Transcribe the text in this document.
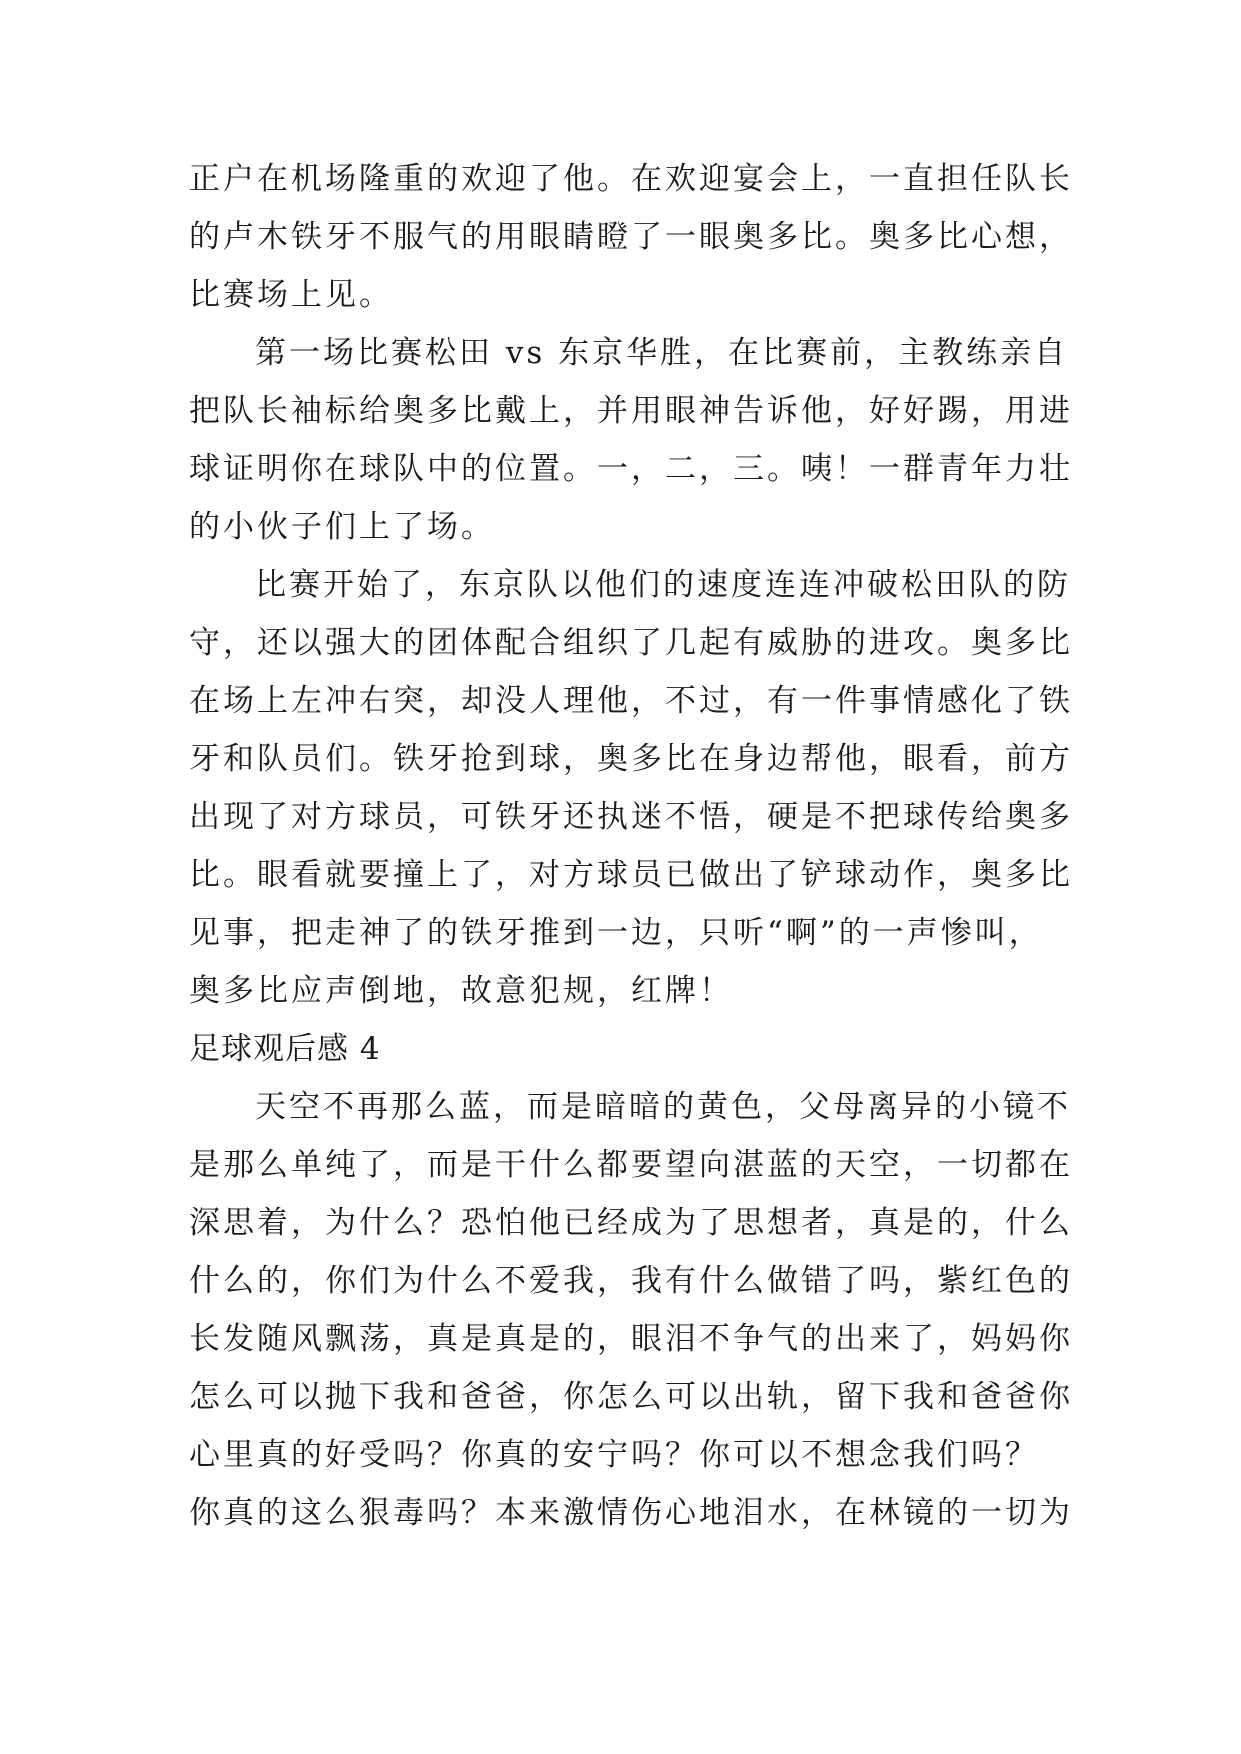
正户在机场隆重的欢迎了他。在欢迎宴会上，一直担任队长
的卢木铁牙不服气的用眼睛瞪了一眼奥多比。奥多比心想，
比赛场上见。
第一场比赛松田 vs 东京华胜，在比赛前，主教练亲自
把队长袖标给奥多比戴上，并用眼神告诉他，好好踢，用进
球证明你在球队中的位置。一，二，三。咦！一群青年力壮
的小伙子们上了场。
比赛开始了，东京队以他们的速度连连冲破松田队的防
守，还以强大的团体配合组织了几起有威胁的进攻。奥多比
在场上左冲右突，却没人理他，不过，有一件事情感化了铁
牙和队员们。铁牙抢到球，奥多比在身边帮他，眼看，前方
出现了对方球员，可铁牙还执迷不悟，硬是不把球传给奥多
比。眼看就要撞上了，对方球员已做出了铲球动作，奥多比
见事，把走神了的铁牙推到一边，只听“啊”的一声惨叫，
奥多比应声倒地，故意犯规，红牌！
足球观后感 4
天空不再那么蓝，而是暗暗的黄色，父母离异的小镜不
是那么单纯了，而是干什么都要望向湛蓝的天空，一切都在
深思着，为什么？恐怕他已经成为了思想者，真是的，什么
什么的，你们为什么不爱我，我有什么做错了吗，紫红色的
长发随风飘荡，真是真是的，眼泪不争气的出来了，妈妈你
怎么可以抛下我和爸爸，你怎么可以出轨，留下我和爸爸你
心里真的好受吗？你真的安宁吗？你可以不想念我们吗？
你真的这么狠毒吗？本来激情伤心地泪水，在林镜的一切为
